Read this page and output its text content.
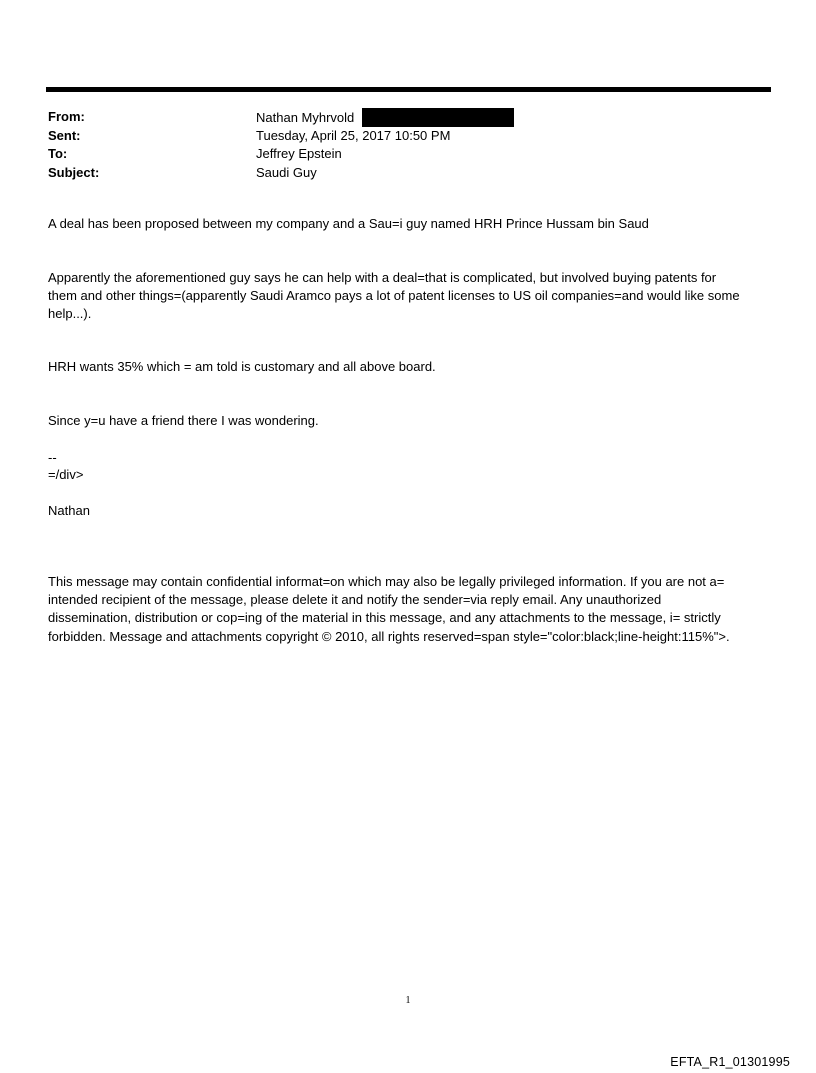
From:	Nathan Myhrvold
Sent:	Tuesday, April 25, 2017 10:50 PM
To:	Jeffrey Epstein
Subject:	Saudi Guy

A deal has been proposed between my company and a Sau=i guy named HRH Prince Hussam bin Saud

Apparently the aforementioned guy says he can help with a deal=that is complicated, but involved buying patents for
them and other things=(apparently Saudi Aramco pays a lot of patent licenses to US oil companies=and would like some
help...).

HRH wants 35% which = am told is customary and all above board.

Since y=u have a friend there I was wondering.

--

=/div>

Nathan

This message may contain confidential informat=on which may also be legally privileged information. If you are not a=
intended recipient of the message, please delete it and notify the sender=via reply email. Any unauthorized
dissemination, distribution or cop=ing of the material in this message, and any attachments to the message, i= strictly
forbidden. Message and attachments copyright © 2010, all rights reserved=span style="color:black;line-height:115%">.
1
EFTA_R1_01301995
